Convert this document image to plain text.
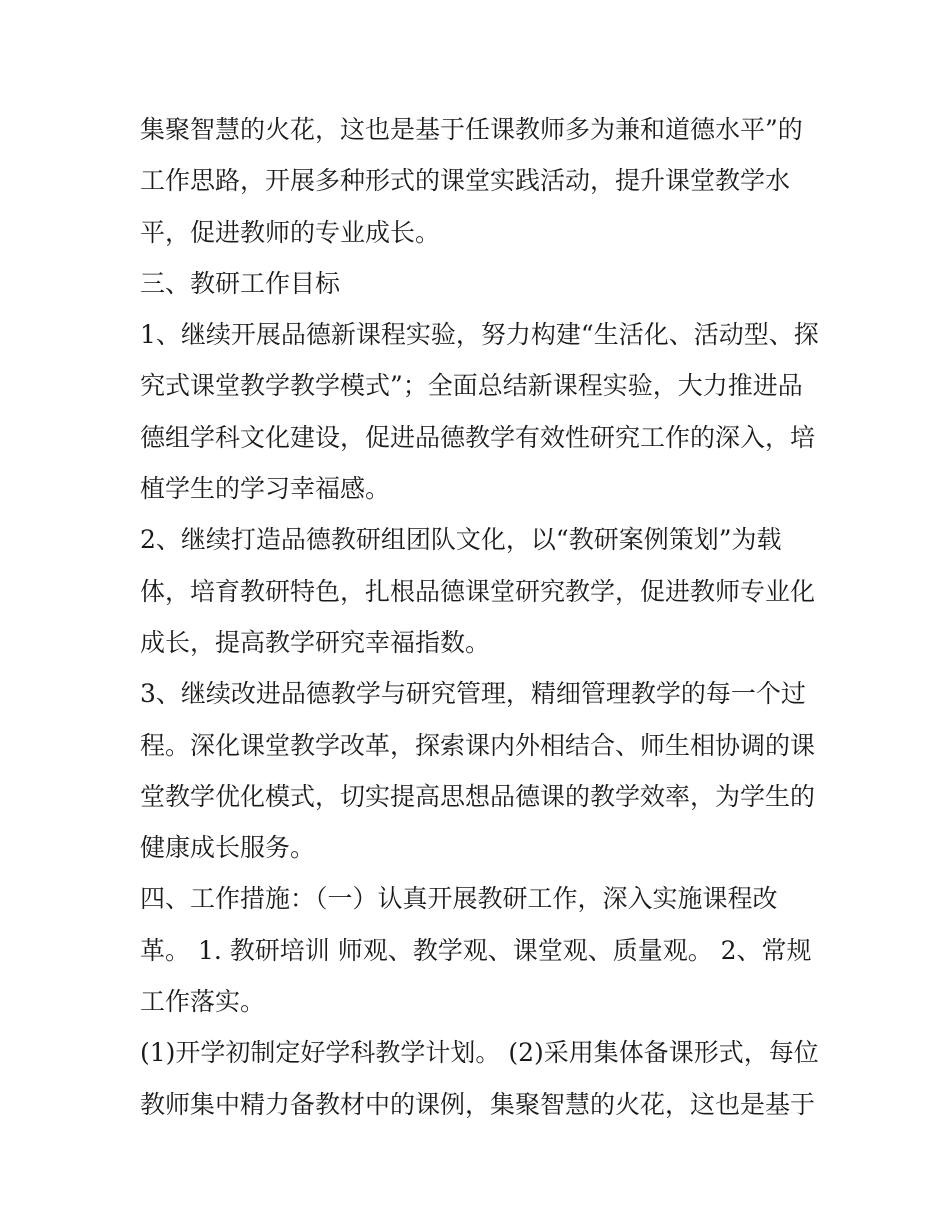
集聚智慧的火花，这也是基于任课教师多为兼和道德水平”的
工作思路，开展多种形式的课堂实践活动，提升课堂教学水
平，促进教师的专业成长。
三、教研工作目标
1、继续开展品德新课程实验，努力构建“生活化、活动型、探
究式课堂教学教学模式”；全面总结新课程实验，大力推进品
德组学科文化建设，促进品德教学有效性研究工作的深入，培
植学生的学习幸福感。
2、继续打造品德教研组团队文化，以“教研案例策划”为载
体，培育教研特色，扎根品德课堂研究教学，促进教师专业化
成长，提高教学研究幸福指数。
3、继续改进品德教学与研究管理，精细管理教学的每一个过
程。深化课堂教学改革，探索课内外相结合、师生相协调的课
堂教学优化模式，切实提高思想品德课的教学效率，为学生的
健康成长服务。
四、工作措施：（一）认真开展教研工作，深入实施课程改
革。 1. 教研培训 师观、教学观、课堂观、质量观。 2、常规
工作落实。
(1)开学初制定好学科教学计划。 (2)采用集体备课形式，每位
教师集中精力备教材中的课例，集聚智慧的火花，这也是基于
